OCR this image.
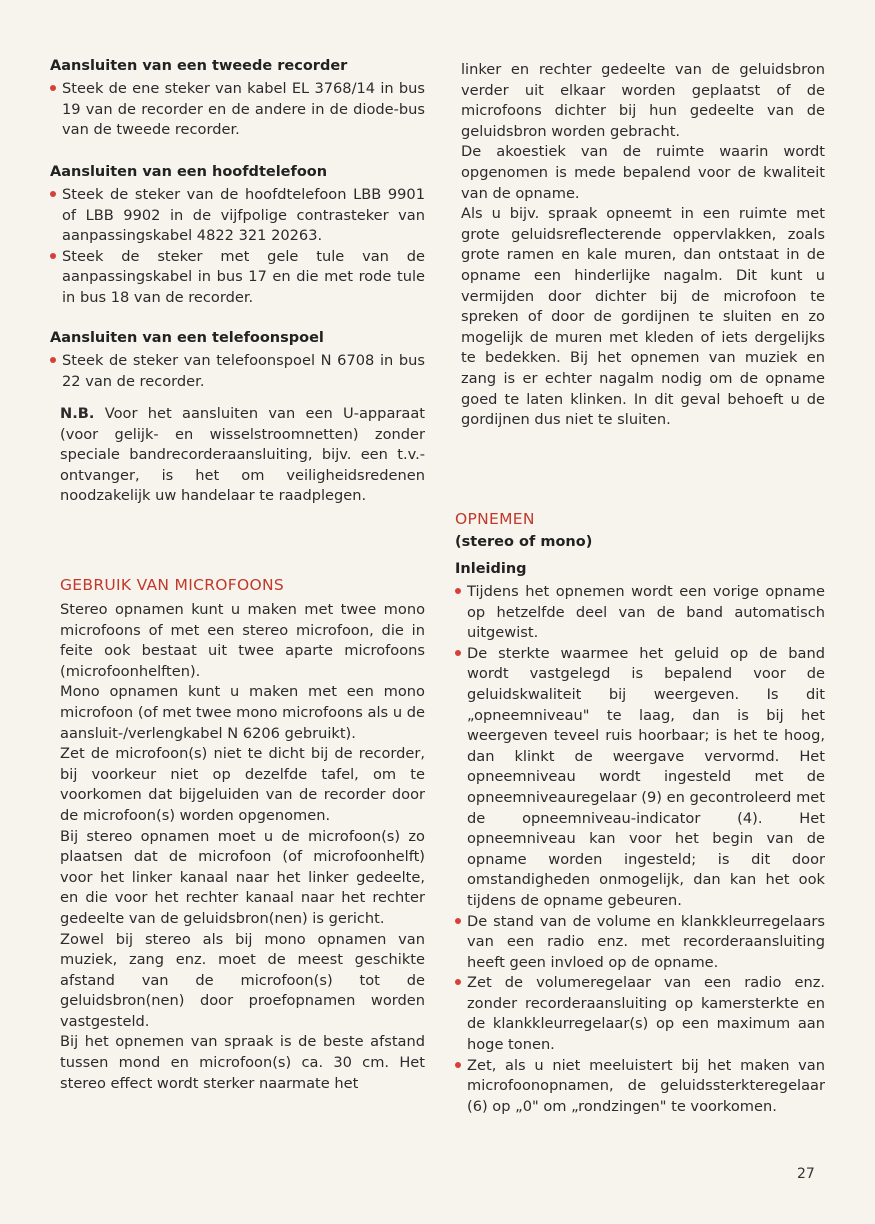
Aansluiten van een tweede recorder
Steek de ene steker van kabel EL 3768/14 in bus 19 van de recorder en de andere in de diode-bus van de tweede recorder.
Aansluiten van een hoofdtelefoon
Steek de steker van de hoofdtelefoon LBB 9901 of LBB 9902 in de vijfpolige contrasteker van aanpassingskabel 4822 321 20263.
Steek de steker met gele tule van de aanpassingskabel in bus 17 en die met rode tule in bus 18 van de recorder.
Aansluiten van een telefoonspoel
Steek de steker van telefoonspoel N 6708 in bus 22 van de recorder.

N.B. Voor het aansluiten van een U-apparaat (voor gelijk- en wisselstroomnetten) zonder speciale bandrecorderaansluiting, bijv. een t.v.-ontvanger, is het om veiligheidsredenen noodzakelijk uw handelaar te raadplegen.

GEBRUIK VAN MICROFOONS

Stereo opnamen kunt u maken met twee mono microfoons of met een stereo microfoon, die in feite ook bestaat uit twee aparte microfoons (microfoonhelften).

Mono opnamen kunt u maken met een mono microfoon (of met twee mono microfoons als u de aansluit-/verlengkabel N 6206 gebruikt).

Zet de microfoon(s) niet te dicht bij de recorder, bij voorkeur niet op dezelfde tafel, om te voorkomen dat bijgeluiden van de recorder door de microfoon(s) worden opgenomen.

Bij stereo opnamen moet u de microfoon(s) zo plaatsen dat de microfoon (of microfoonhelft) voor het linker kanaal naar het linker gedeelte, en die voor het rechter kanaal naar het rechter gedeelte van de geluidsbron(nen) is gericht.

Zowel bij stereo als bij mono opnamen van muziek, zang enz. moet de meest geschikte afstand van de microfoon(s) tot de geluidsbron(nen) door proefopnamen worden vastgesteld.

Bij het opnemen van spraak is de beste afstand tussen mond en microfoon(s) ca. 30 cm. Het stereo effect wordt sterker naarmate het

linker en rechter gedeelte van de geluidsbron verder uit elkaar worden geplaatst of de microfoons dichter bij hun gedeelte van de geluidsbron worden gebracht.

De akoestiek van de ruimte waarin wordt opgenomen is mede bepalend voor de kwaliteit van de opname.

Als u bijv. spraak opneemt in een ruimte met grote geluidsreflecterende oppervlakken, zoals grote ramen en kale muren, dan ontstaat in de opname een hinderlijke nagalm. Dit kunt u vermijden door dichter bij de microfoon te spreken of door de gordijnen te sluiten en zo mogelijk de muren met kleden of iets dergelijks te bedekken. Bij het opnemen van muziek en zang is er echter nagalm nodig om de opname goed te laten klinken. In dit geval behoeft u de gordijnen dus niet te sluiten.

OPNEMEN
(stereo of mono)
Inleiding
Tijdens het opnemen wordt een vorige opname op hetzelfde deel van de band automatisch uitgewist.
De sterkte waarmee het geluid op de band wordt vastgelegd is bepalend voor de geluidskwaliteit bij weergeven. Is dit „opneemniveau" te laag, dan is bij het weergeven teveel ruis hoorbaar; is het te hoog, dan klinkt de weergave vervormd. Het opneemniveau wordt ingesteld met de opneemniveauregelaar (9) en gecontroleerd met de opneemniveau-indicator (4). Het opneemniveau kan voor het begin van de opname worden ingesteld; is dit door omstandigheden onmogelijk, dan kan het ook tijdens de opname gebeuren.
De stand van de volume en klankkleurregelaars van een radio enz. met recorderaansluiting heeft geen invloed op de opname.
Zet de volumeregelaar van een radio enz. zonder recorderaansluiting op kamersterkte en de klankkleurregelaar(s) op een maximum aan hoge tonen.
Zet, als u niet meeluistert bij het maken van microfoonopnamen, de geluidssterkteregelaar (6) op „0" om „rondzingen" te voorkomen.
27
